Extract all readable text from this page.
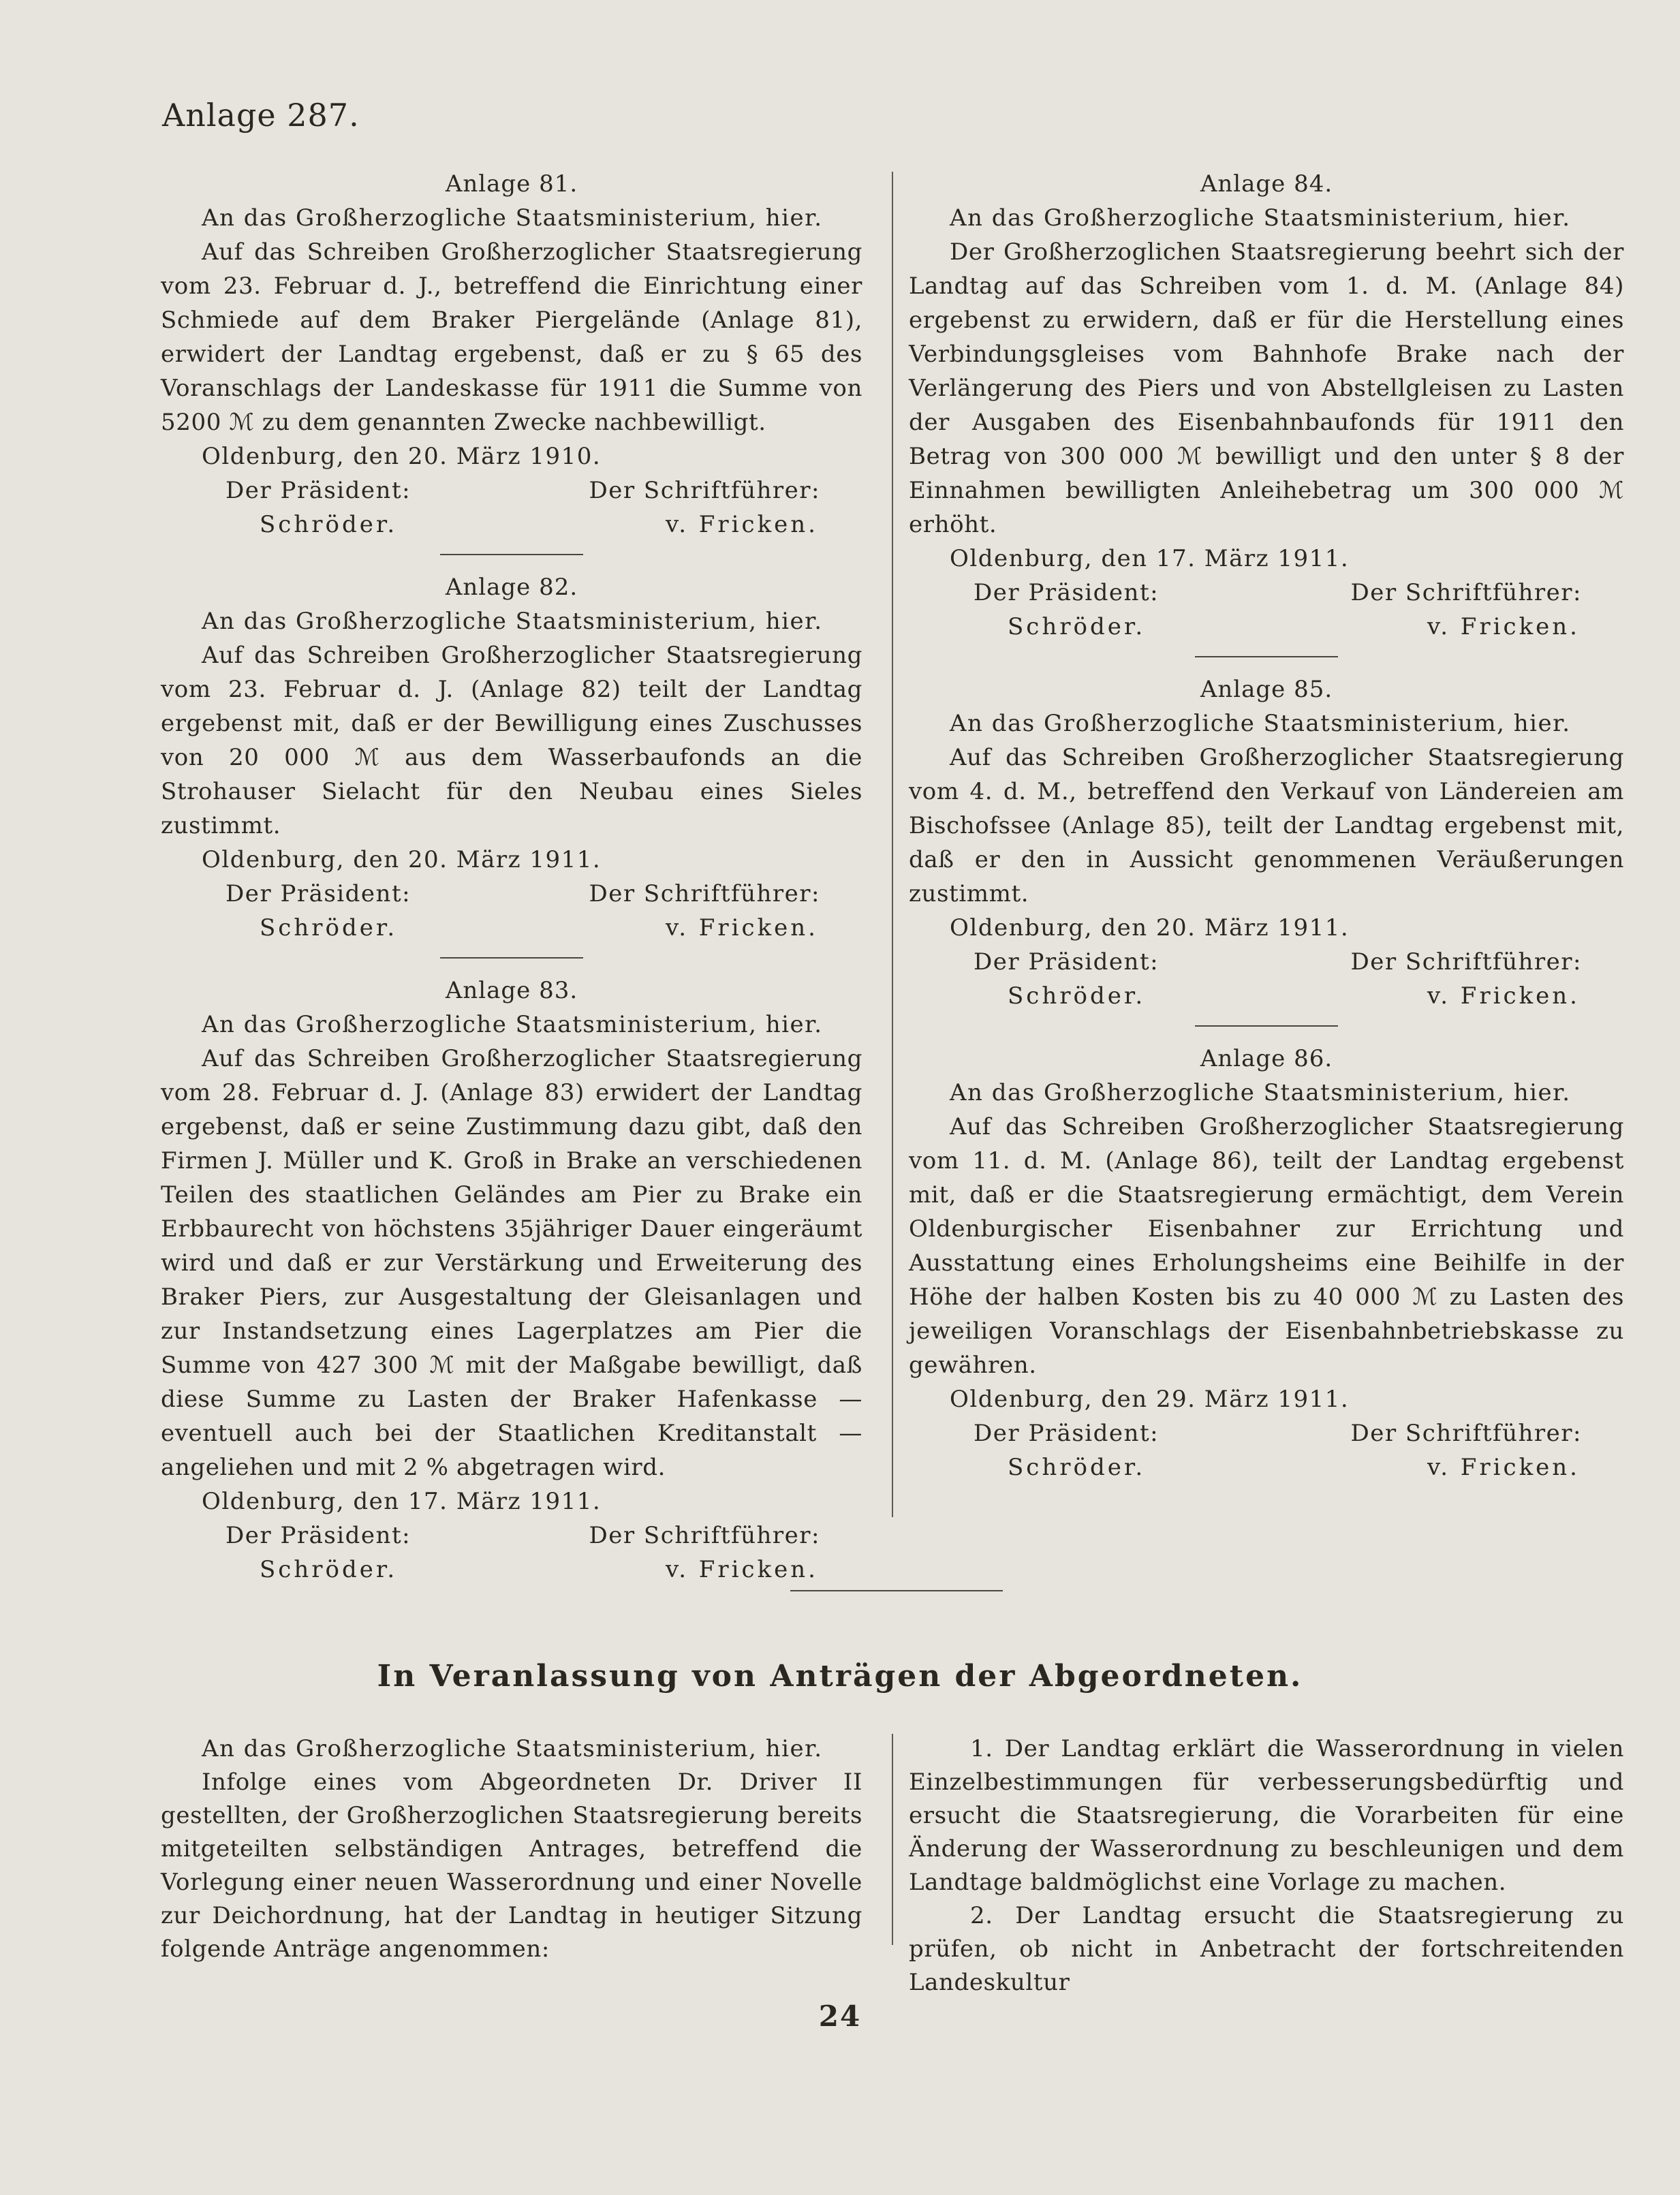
Anlage 287.

Anlage 81.

An das Großherzogliche Staatsministerium, hier.

Auf das Schreiben Großherzoglicher Staatsregierung vom 23. Februar d. J., betreffend die Einrichtung einer Schmiede auf dem Braker Piergelände (Anlage 81), erwidert der Landtag ergebenst, daß er zu § 65 des Voranschlags der Landeskasse für 1911 die Summe von 5200 ℳ zu dem genannten Zwecke nachbewilligt.

Oldenburg, den 20. März 1910.

Der Präsident:	Der Schriftführer:
Schröder.	v. Fricken.

Anlage 82.

An das Großherzogliche Staatsministerium, hier.

Auf das Schreiben Großherzoglicher Staatsregierung vom 23. Februar d. J. (Anlage 82) teilt der Landtag ergebenst mit, daß er der Bewilligung eines Zuschusses von 20 000 ℳ aus dem Wasserbaufonds an die Strohauser Sielacht für den Neubau eines Sieles zustimmt.

Oldenburg, den 20. März 1911.

Der Präsident:	Der Schriftführer:
Schröder.	v. Fricken.

Anlage 83.

An das Großherzogliche Staatsministerium, hier.

Auf das Schreiben Großherzoglicher Staatsregierung vom 28. Februar d. J. (Anlage 83) erwidert der Landtag ergebenst, daß er seine Zustimmung dazu gibt, daß den Firmen J. Müller und K. Groß in Brake an verschiedenen Teilen des staatlichen Geländes am Pier zu Brake ein Erbbaurecht von höchstens 35jähriger Dauer eingeräumt wird und daß er zur Verstärkung und Erweiterung des Braker Piers, zur Ausgestaltung der Gleisanlagen und zur Instandsetzung eines Lagerplatzes am Pier die Summe von 427 300 ℳ mit der Maßgabe bewilligt, daß diese Summe zu Lasten der Braker Hafenkasse — eventuell auch bei der Staatlichen Kreditanstalt — angeliehen und mit 2 % abgetragen wird.

Oldenburg, den 17. März 1911.

Der Präsident:	Der Schriftführer:
Schröder.	v. Fricken.

Anlage 84.

An das Großherzogliche Staatsministerium, hier.

Der Großherzoglichen Staatsregierung beehrt sich der Landtag auf das Schreiben vom 1. d. M. (Anlage 84) ergebenst zu erwidern, daß er für die Herstellung eines Verbindungsgleises vom Bahnhofe Brake nach der Verlängerung des Piers und von Abstellgleisen zu Lasten der Ausgaben des Eisenbahnbaufonds für 1911 den Betrag von 300 000 ℳ bewilligt und den unter § 8 der Einnahmen bewilligten Anleihebetrag um 300 000 ℳ erhöht.

Oldenburg, den 17. März 1911.

Der Präsident:	Der Schriftführer:
Schröder.	v. Fricken.

Anlage 85.

An das Großherzogliche Staatsministerium, hier.

Auf das Schreiben Großherzoglicher Staatsregierung vom 4. d. M., betreffend den Verkauf von Ländereien am Bischofssee (Anlage 85), teilt der Landtag ergebenst mit, daß er den in Aussicht genommenen Veräußerungen zustimmt.

Oldenburg, den 20. März 1911.

Der Präsident:	Der Schriftführer:
Schröder.	v. Fricken.

Anlage 86.

An das Großherzogliche Staatsministerium, hier.

Auf das Schreiben Großherzoglicher Staatsregierung vom 11. d. M. (Anlage 86), teilt der Landtag ergebenst mit, daß er die Staatsregierung ermächtigt, dem Verein Oldenburgischer Eisenbahner zur Errichtung und Ausstattung eines Erholungsheims eine Beihilfe in der Höhe der halben Kosten bis zu 40 000 ℳ zu Lasten des jeweiligen Voranschlags der Eisenbahnbetriebskasse zu gewähren.

Oldenburg, den 29. März 1911.

Der Präsident:	Der Schriftführer:
Schröder.	v. Fricken.
In Veranlassung von Anträgen der Abgeordneten.

An das Großherzogliche Staatsministerium, hier.

Infolge eines vom Abgeordneten Dr. Driver II gestellten, der Großherzoglichen Staatsregierung bereits mitgeteilten selbständigen Antrages, betreffend die Vorlegung einer neuen Wasserordnung und einer Novelle zur Deichordnung, hat der Landtag in heutiger Sitzung folgende Anträge angenommen:

1. Der Landtag erklärt die Wasserordnung in vielen Einzelbestimmungen für verbesserungsbedürftig und ersucht die Staatsregierung, die Vorarbeiten für eine Änderung der Wasserordnung zu beschleunigen und dem Landtage baldmöglichst eine Vorlage zu machen.

2. Der Landtag ersucht die Staatsregierung zu prüfen, ob nicht in Anbetracht der fortschreitenden Landeskultur

24
